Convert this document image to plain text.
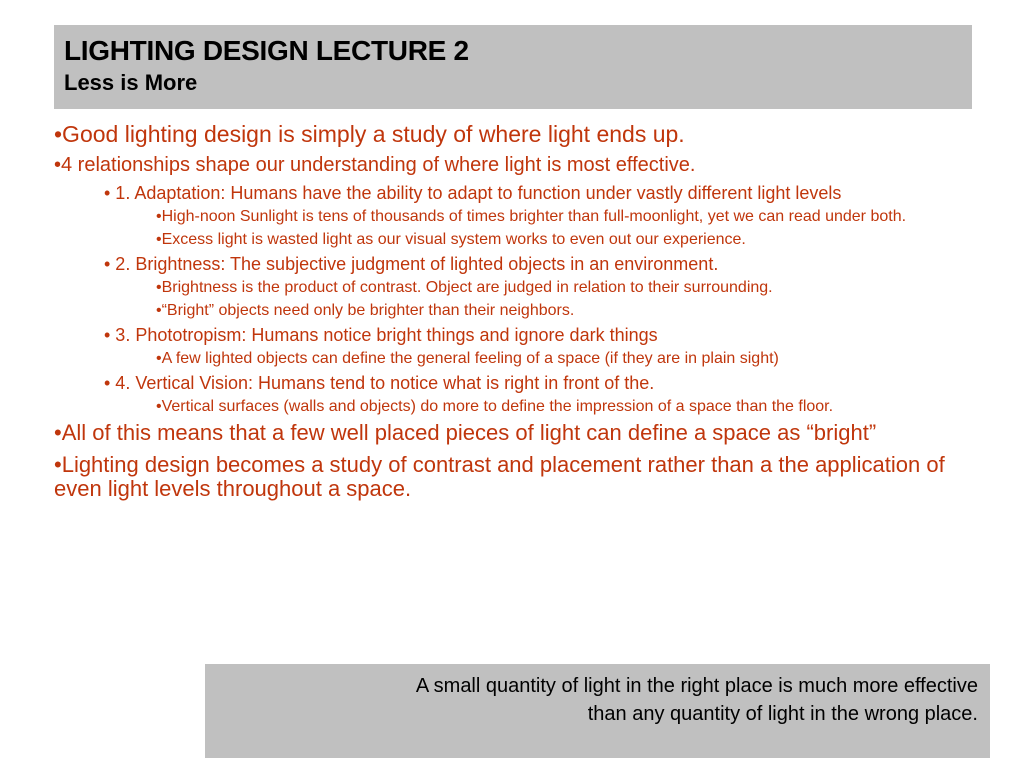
LIGHTING DESIGN LECTURE 2
Less is More

•Good lighting design is simply a study of where light ends up.

•4 relationships shape our understanding of where light is most effective.

• 1. Adaptation: Humans have the ability to adapt to function under vastly different light levels

•High-noon Sunlight is tens of thousands of times brighter than full-moonlight, yet we can read under both.

•Excess light is wasted light as our visual system works to even out our experience.

• 2. Brightness: The subjective judgment of lighted objects in an environment.

•Brightness is the product of contrast. Object are judged in relation to their surrounding.

•“Bright” objects need only be brighter than their neighbors.

• 3. Phototropism: Humans notice bright things and ignore dark things

•A few lighted objects can define the general feeling of a space (if they are in plain sight)

• 4. Vertical Vision: Humans tend to notice what is right in front of the.

•Vertical surfaces (walls and objects) do more to define the impression of a space than the floor.

•All of this means that a few well placed pieces of light can define a space as “bright”

•Lighting design becomes a study of contrast and placement rather than a the application of even light levels throughout a space.

A small quantity of light in the right place is much more effective
than any quantity of light in the wrong place.
